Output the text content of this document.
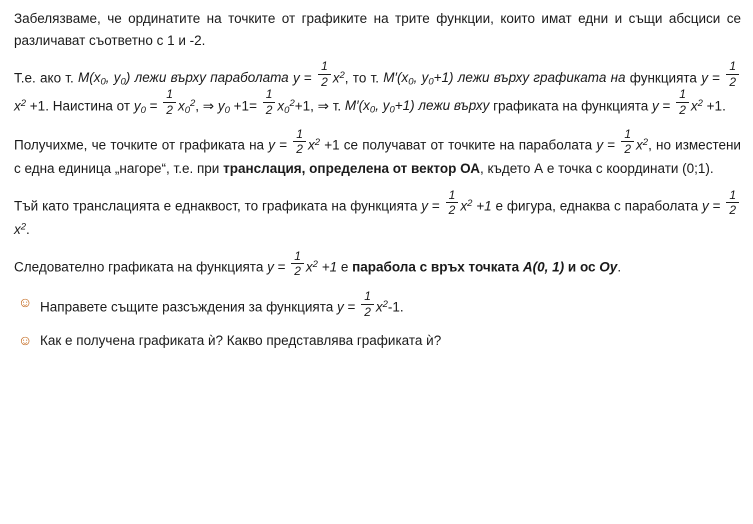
Забелязваме, че ординатите на точките от графиките на трите функции, които имат едни и същи абсциси се различават съответно с 1 и -2.

Т.е. ако т. $M(x_0$, $y_0$) лежи върху параболата $y = \frac{1}{2} x^2$, то т. $M'(x_0$, $y_0+1$) лежи върху графиката на функцията $y = \frac{1}{2}$
$x^2 +1$. Наистина от $y_0 = \frac{1}{2} x_0^2$, ⇒ $y_0 +1= \frac{1}{2} x_0^2+1$, ⇒ т. $M'(x_0$, $y_0+1$) лежи върху графиката на функцията $y = \frac{1}{2} x^2 +1$.

Получихме, че точките от графиката на $y = \frac{1}{2} x^2 +1$ се получават от точките на параболата $y = \frac{1}{2} x^2$, но изместени с една единица „нагоре“, т.е. при транслация, определена от вектор ОА, където А е точка с координати (0;1).

Тъй като транслацията е еднаквост, то графиката на функцията $y = \frac{1}{2} x^2 +1$ е фигура, еднаква с параболата $y = \frac{1}{2}$
$x^2$.

Следователно графиката на функцията $y = \frac{1}{2} x^2 +1$ е парабола с връх точката A(0, 1) и ос Оу.

☺ Направете същите разсъждения за функцията $y = \frac{1}{2} x^2-1$.
☺ Как е получена графиката ѝ? Какво представлява графиката ѝ?
